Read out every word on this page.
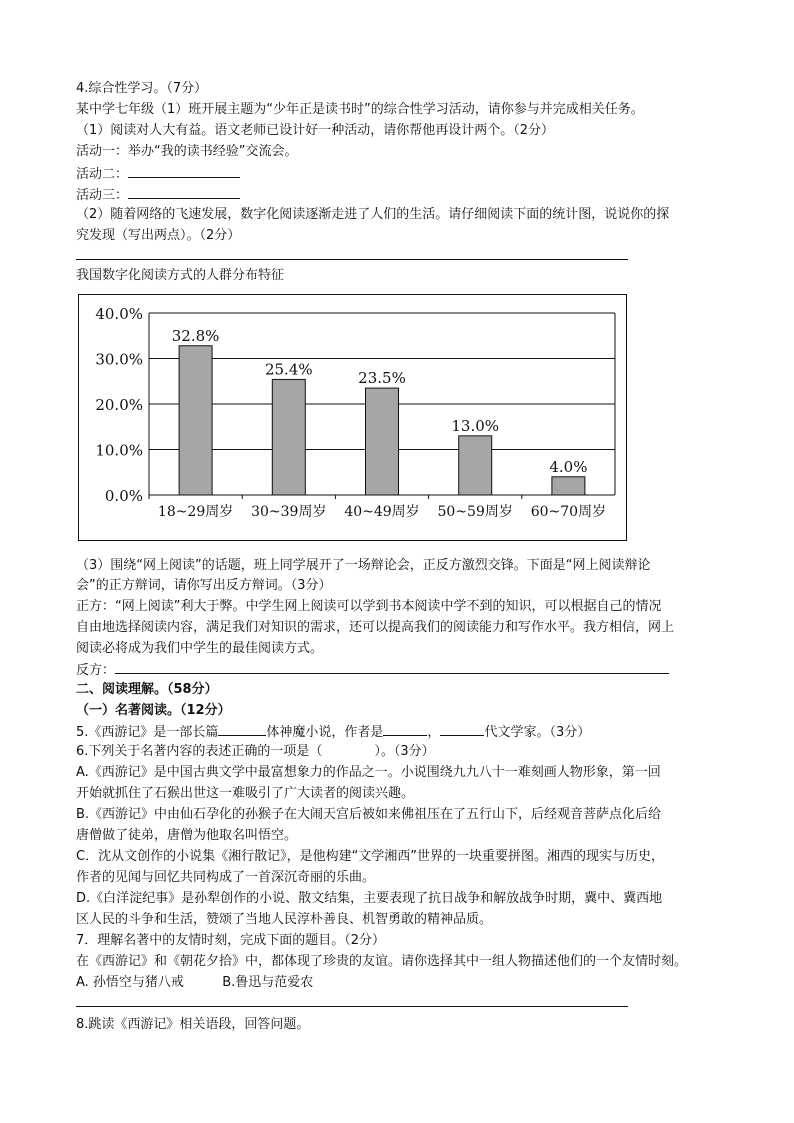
4.综合性学习。（7分）
某中学七年级（1）班开展主题为“少年正是读书时”的综合性学习活动，请你参与并完成相关任务。
（1）阅读对人大有益。语文老师已设计好一种活动，请你帮他再设计两个。（2分）
活动一：举办“我的读书经验”交流会。
活动二：
活动三：
（2）随着网络的飞速发展，数字化阅读逐渐走进了人们的生活。请仔细阅读下面的统计图，说说你的探
究发现（写出两点）。（2分）
我国数字化阅读方式的人群分布特征
40.0%
30.0%
20.0%
10.0%
0.0%
32.8%
18~29周岁
25.4%
30~39周岁
23.5%
40~49周岁
13.0%
50~59周岁
4.0%
60~70周岁
（3）围绕“网上阅读”的话题，班上同学展开了一场辩论会，正反方激烈交锋。下面是“网上阅读辩论
会”的正方辩词，请你写出反方辩词。（3分）
正方：“网上阅读”利大于弊。中学生网上阅读可以学到书本阅读中学不到的知识，可以根据自己的情况
自由地选择阅读内容，满足我们对知识的需求，还可以提高我们的阅读能力和写作水平。我方相信，网上
阅读必将成为我们中学生的最佳阅读方式。
反方：
二、阅读理解。（58分）
（一）名著阅读。（12分）
5.《西游记》是一部长篇	体神魔小说，作者是	，	代文学家。（3分）
6.下列关于名著内容的表述正确的一项是（	）。（3分）
A.《西游记》是中国古典文学中最富想象力的作品之一。小说围绕九九八十一难刻画人物形象，第一回
开始就抓住了石猴出世这一难吸引了广大读者的阅读兴趣。
B.《西游记》中由仙石孕化的孙猴子在大闹天宫后被如来佛祖压在了五行山下，后经观音菩萨点化后给
唐僧做了徒弟，唐僧为他取名叫悟空。
C．沈从文创作的小说集《湘行散记》，是他构建“文学湘西”世界的一块重要拼图。湘西的现实与历史，
作者的见闻与回忆共同构成了一首深沉奇丽的乐曲。
D.《白洋淀纪事》是孙犁创作的小说、散文结集，主要表现了抗日战争和解放战争时期，冀中、冀西地
区人民的斗争和生活，赞颂了当地人民淳朴善良、机智勇敢的精神品质。
7．理解名著中的友情时刻，完成下面的题目。（2分）
在《西游记》和《朝花夕拾》中，都体现了珍贵的友谊。请你选择其中一组人物描述他们的一个友情时刻。
A. 孙悟空与猪八戒	B.鲁迅与范爱农
8.跳读《西游记》相关语段，回答问题。
